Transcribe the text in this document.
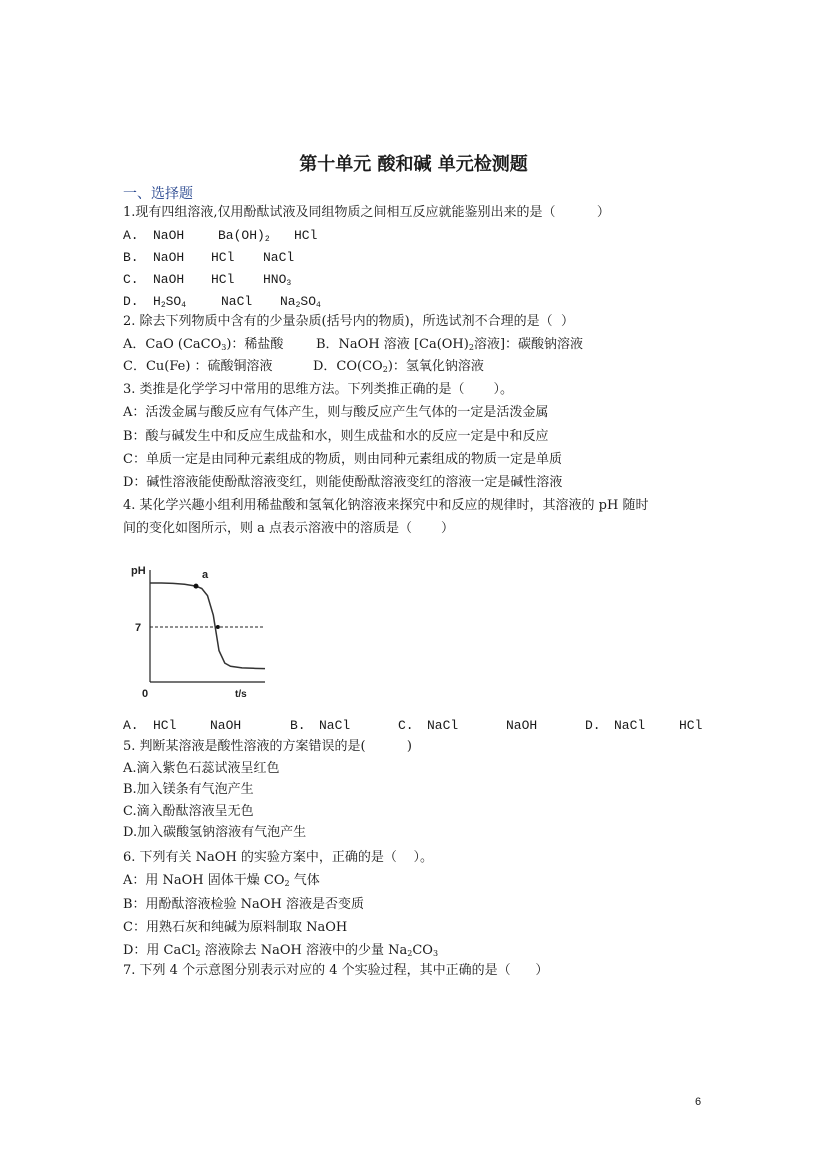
第十单元 酸和碱 单元检测题
一、选择题
1.现有四组溶液,仅用酚酞试液及同组物质之间相互反应就能鉴别出来的是（          ）
A. NaOH	$Ba(OH)_2$ HCl
B. NaOH HCl NaCl
C. NaOH HCl $HNO_3$
D. $H_2SO_4$	NaCl $Na_2SO_4$
2. 除去下列物质中含有的少量杂质(括号内的物质)，所选试剂不合理的是（  ）
A．CaO (CaCO$_3$)：稀盐酸	B．NaOH 溶液 [$Ca(OH)_2$溶液]：碳酸钠溶液
C．Cu(Fe) ：硫酸铜溶液	D．$CO(CO_2)$：氢氧化钠溶液
3. 类推是化学学习中常用的思维方法。下列类推正确的是（       ）。
A：活泼金属与酸反应有气体产生，则与酸反应产生气体的一定是活泼金属
B：酸与碱发生中和反应生成盐和水，则生成盐和水的反应一定是中和反应
C：单质一定是由同种元素组成的物质，则由同种元素组成的物质一定是单质
D：碱性溶液能使酚酞溶液变红，则能使酚酞溶液变红的溶液一定是碱性溶液
4. 某化学兴趣小组利用稀盐酸和氢氧化钠溶液来探究中和反应的规律时，其溶液的 pH 随时
间的变化如图所示，则 a 点表示溶液中的溶质是（       ）
pH
7
0
a
t/s
A. HCl	NaOH	B. NaCl	C. NaCl	NaOH	D. NaCl	HCl
5. 判断某溶液是酸性溶液的方案错误的是(          )
A.滴入紫色石蕊试液呈红色
B.加入镁条有气泡产生
C.滴入酚酞溶液呈无色
D.加入碳酸氢钠溶液有气泡产生
6. 下列有关 NaOH 的实验方案中，正确的是（    ）。
A：用 NaOH 固体干燥 $CO_2$ 气体
B：用酚酞溶液检验 NaOH 溶液是否变质
C：用熟石灰和纯碱为原料制取 NaOH
D：用 CaCl$_2$ 溶液除去 NaOH 溶液中的少量 $Na_2CO_3$
7. 下列 4 个示意图分别表示对应的 4 个实验过程，其中正确的是（      ）
6
